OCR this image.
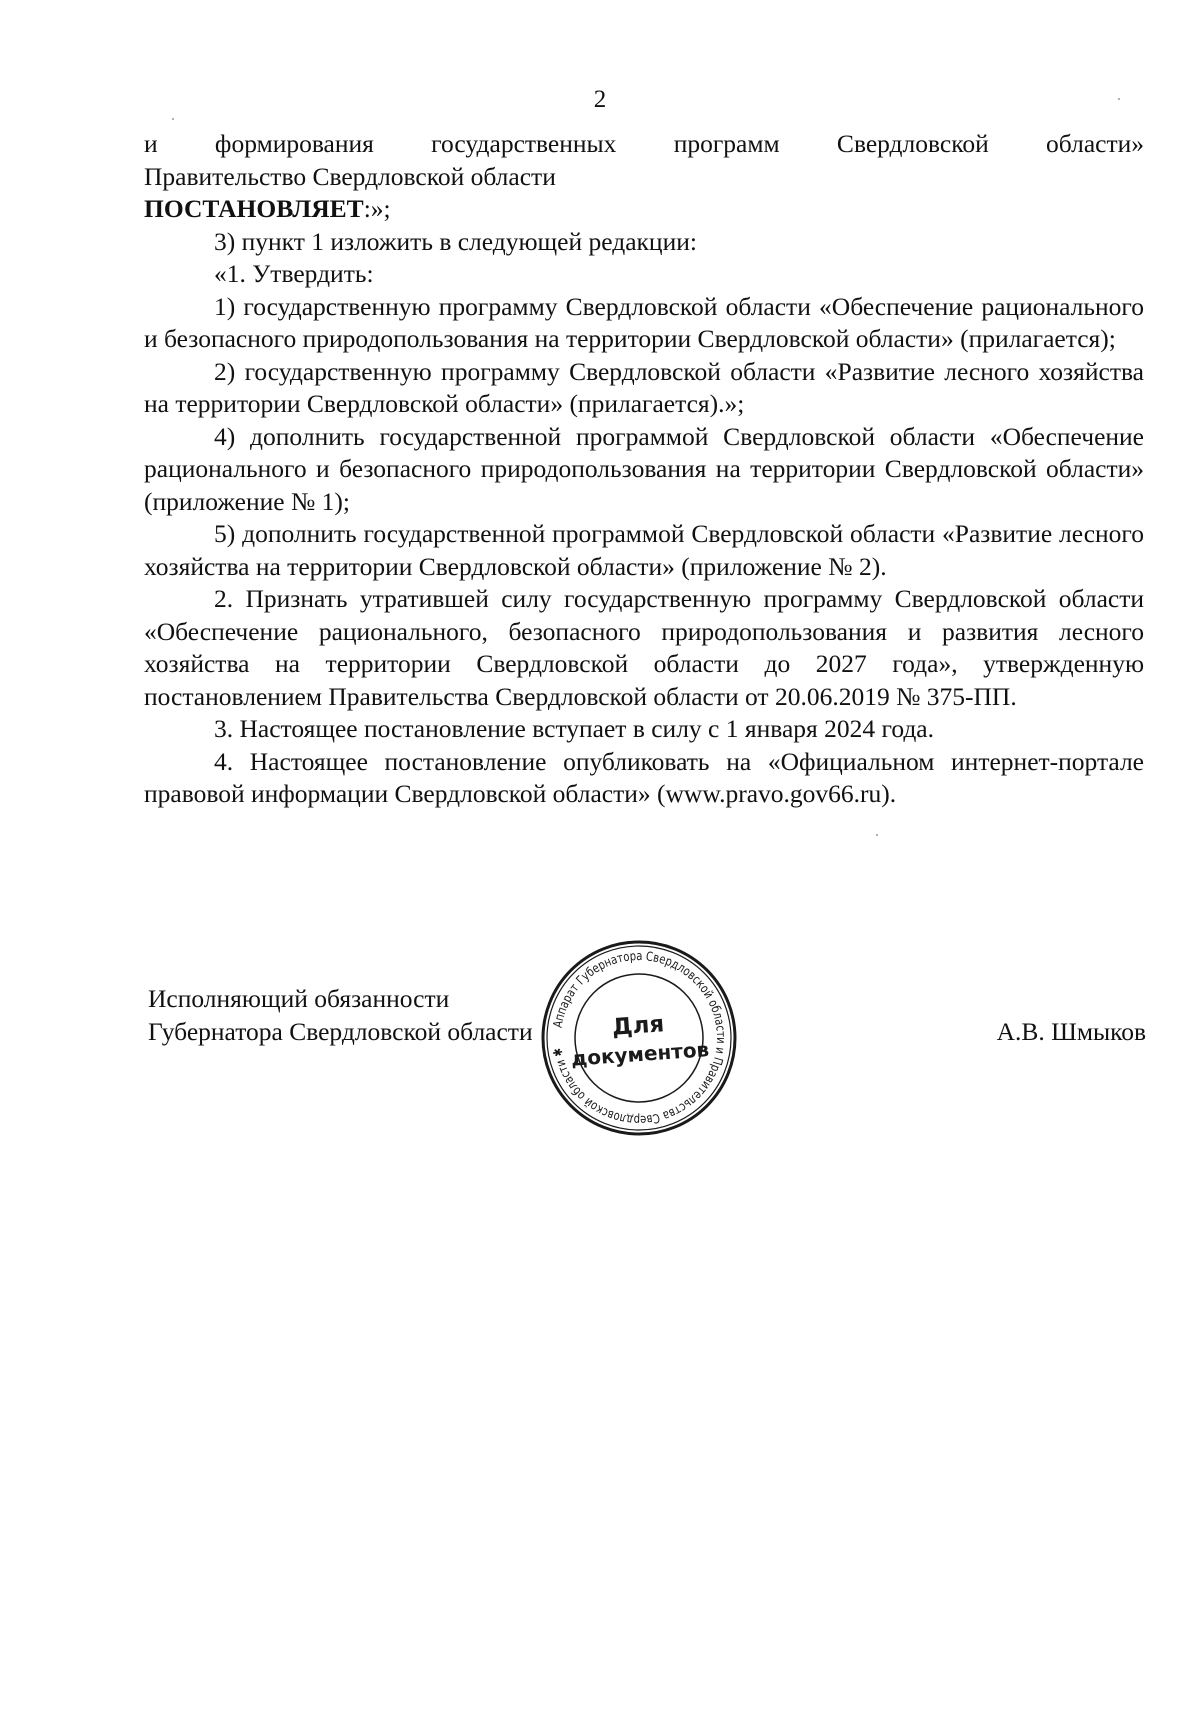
2

и формирования государственных программ Свердловской области»

Правительство Свердловской области

ПОСТАНОВЛЯЕТ:»;

3) пункт 1 изложить в следующей редакции:

«1. Утвердить:

1) государственную программу Свердловской области «Обеспечение рационального и безопасного природопользования на территории Свердловской области» (прилагается);

2) государственную программу Свердловской области «Развитие лесного хозяйства на территории Свердловской области» (прилагается).»;

4) дополнить государственной программой Свердловской области «Обеспечение рационального и безопасного природопользования на территории Свердловской области» (приложение № 1);

5) дополнить государственной программой Свердловской области «Развитие лесного хозяйства на территории Свердловской области» (приложение № 2).

2. Признать утратившей силу государственную программу Свердловской области «Обеспечение рационального, безопасного природопользования и развития лесного хозяйства на территории Свердловской области до 2027 года», утвержденную постановлением Правительства Свердловской области от 20.06.2019 № 375-ПП.

3. Настоящее постановление вступает в силу с 1 января 2024 года.

4. Настоящее постановление опубликовать на «Официальном интернет-портале правовой информации Свердловской области» (www.pravo.gov66.ru).

Исполняющий обязанности
Губернатора Свердловской области Аппарат Губернатора Свердловской области и Правительства Свердловской области ✱
Для
документов
А.В. Шмыков
